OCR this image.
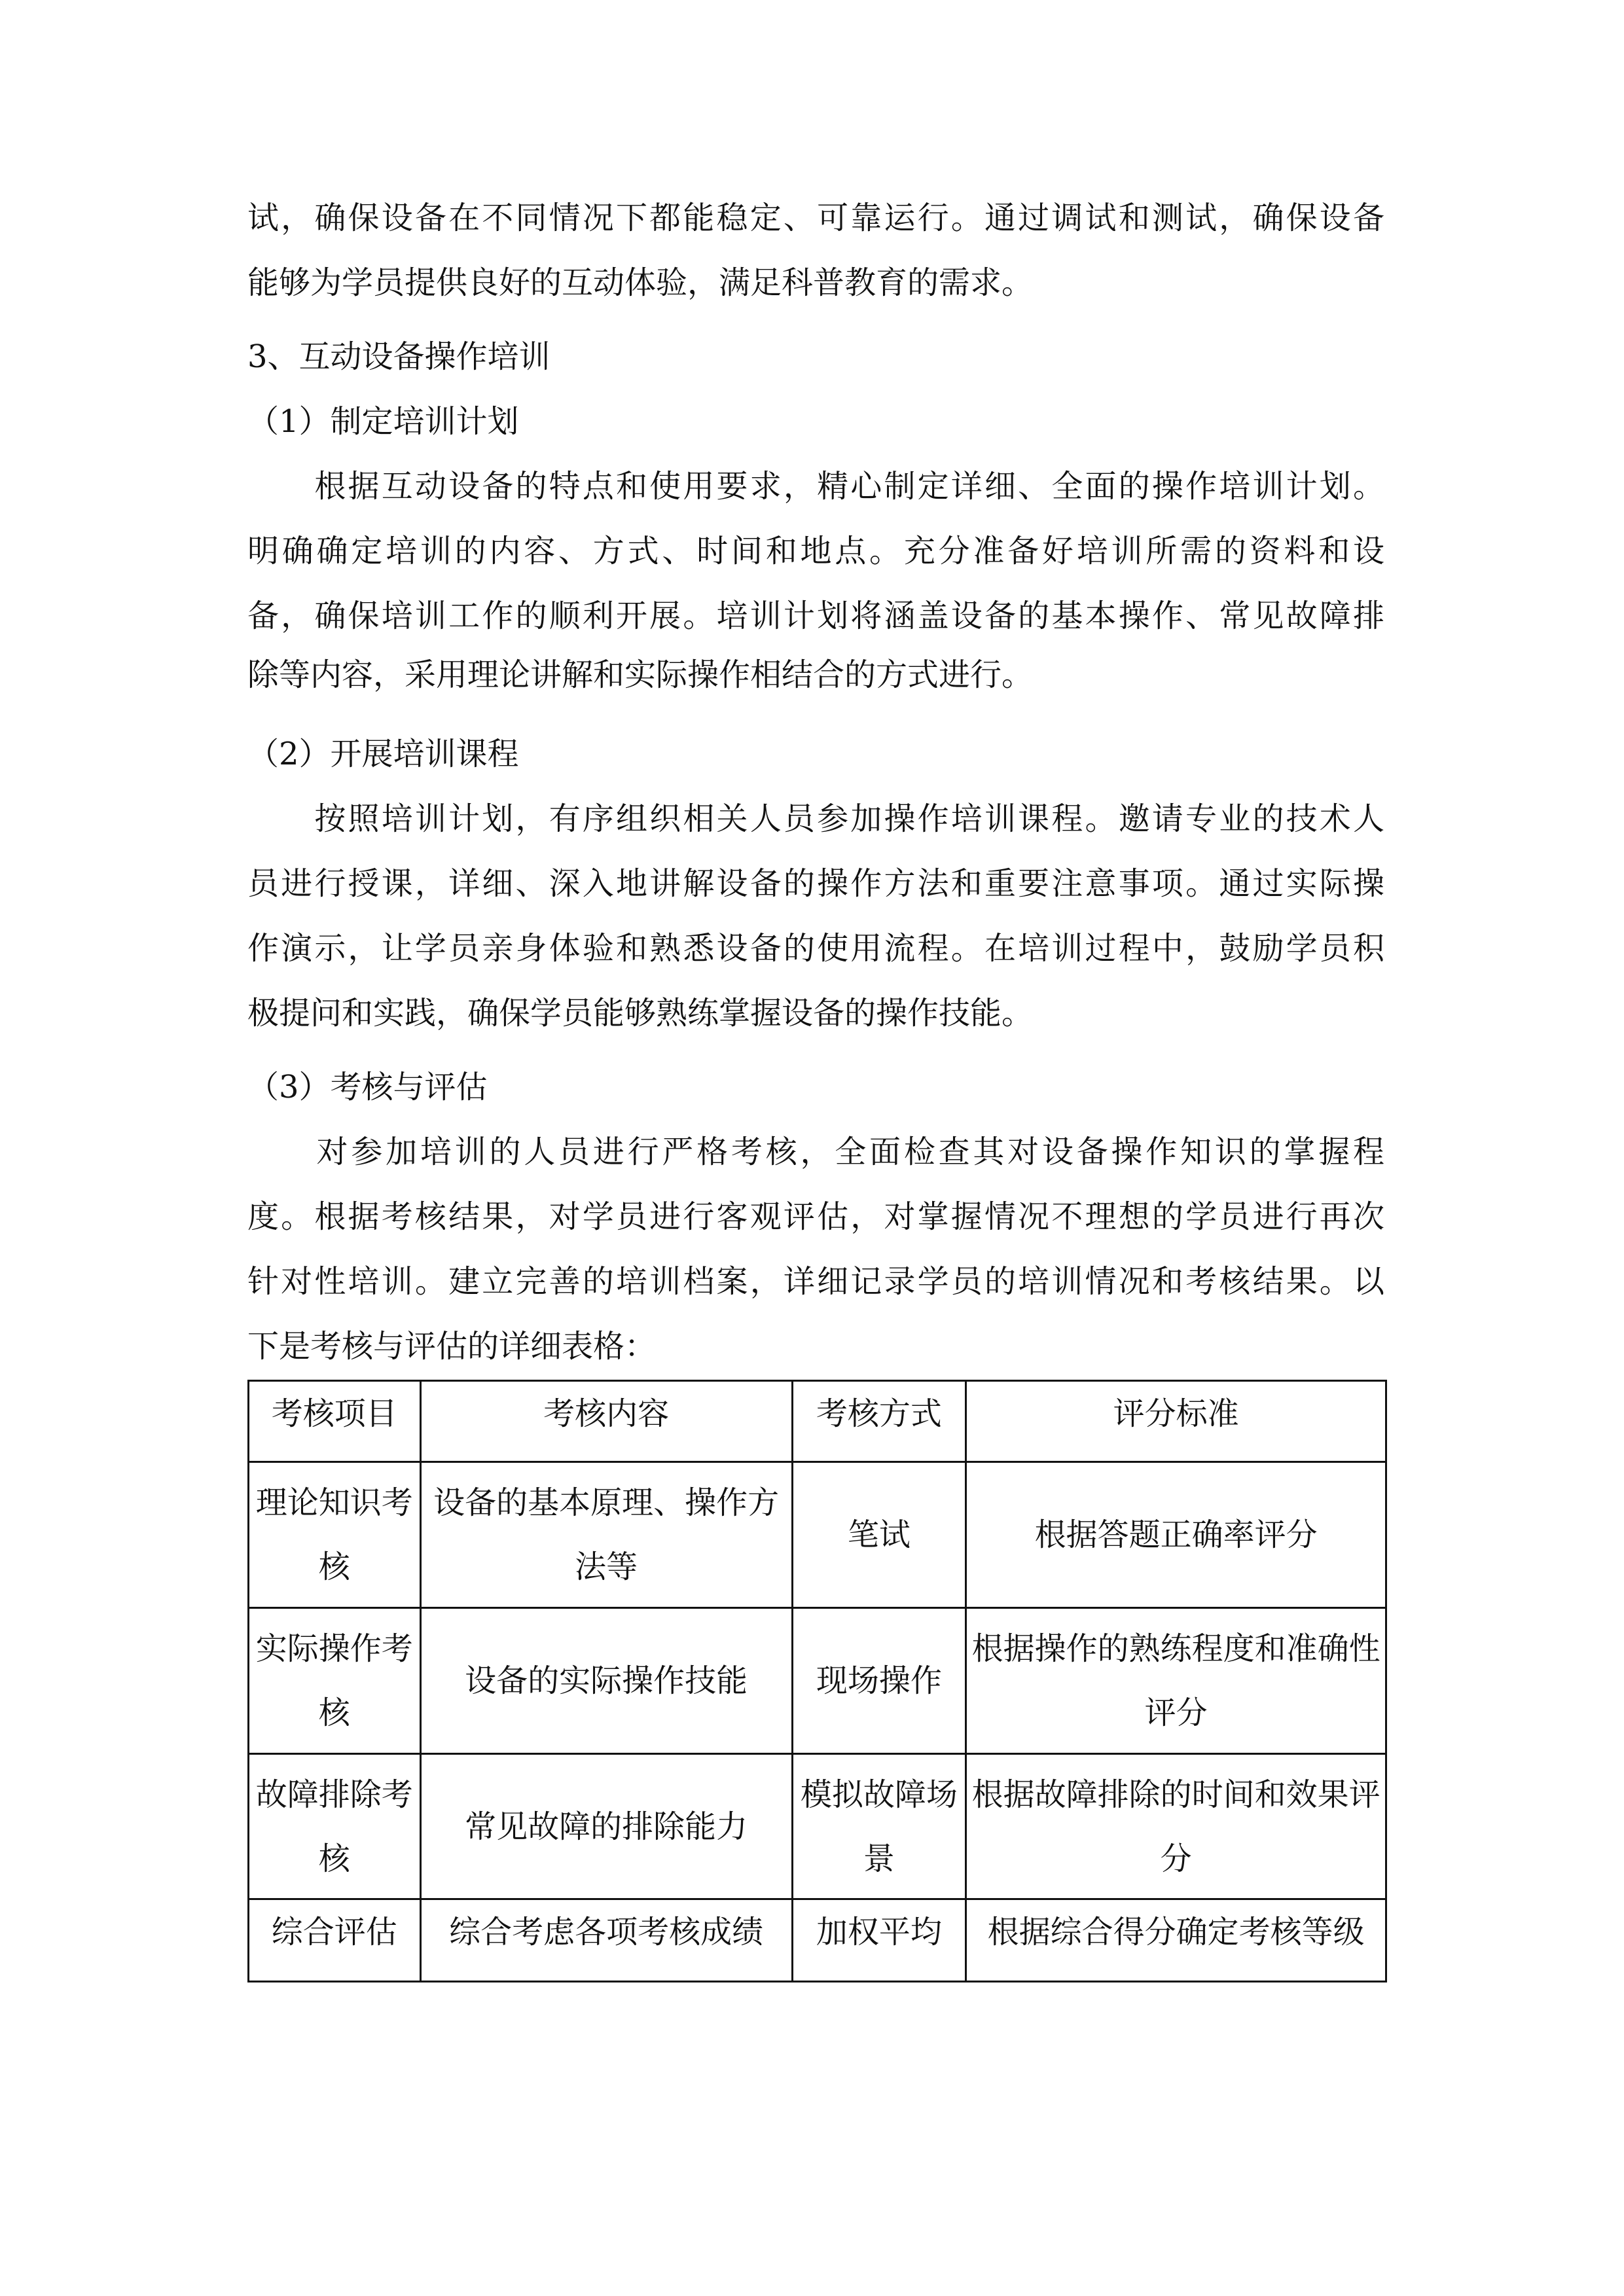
试，确保设备在不同情况下都能稳定、可靠运行。通过调试和测试，确保设备
能够为学员提供良好的互动体验，满足科普教育的需求。
3、互动设备操作培训
（1）制定培训计划
　　根据互动设备的特点和使用要求，精心制定详细、全面的操作培训计划。
明确确定培训的内容、方式、时间和地点。充分准备好培训所需的资料和设
备，确保培训工作的顺利开展。培训计划将涵盖设备的基本操作、常见故障排
除等内容，采用理论讲解和实际操作相结合的方式进行。
（2）开展培训课程
　　按照培训计划，有序组织相关人员参加操作培训课程。邀请专业的技术人
员进行授课，详细、深入地讲解设备的操作方法和重要注意事项。通过实际操
作演示，让学员亲身体验和熟悉设备的使用流程。在培训过程中，鼓励学员积
极提问和实践，确保学员能够熟练掌握设备的操作技能。
（3）考核与评估
　　对参加培训的人员进行严格考核，全面检查其对设备操作知识的掌握程
度。根据考核结果，对学员进行客观评估，对掌握情况不理想的学员进行再次
针对性培训。建立完善的培训档案，详细记录学员的培训情况和考核结果。以
下是考核与评估的详细表格：
考核项目	考核内容	考核方式	评分标准
理论知识考核	设备的基本原理、操作方法等	笔试	根据答题正确率评分
实际操作考核	设备的实际操作技能	现场操作	根据操作的熟练程度和准确性评分
故障排除考核	常见故障的排除能力	模拟故障场景	根据故障排除的时间和效果评分
综合评估	综合考虑各项考核成绩	加权平均	根据综合得分确定考核等级
